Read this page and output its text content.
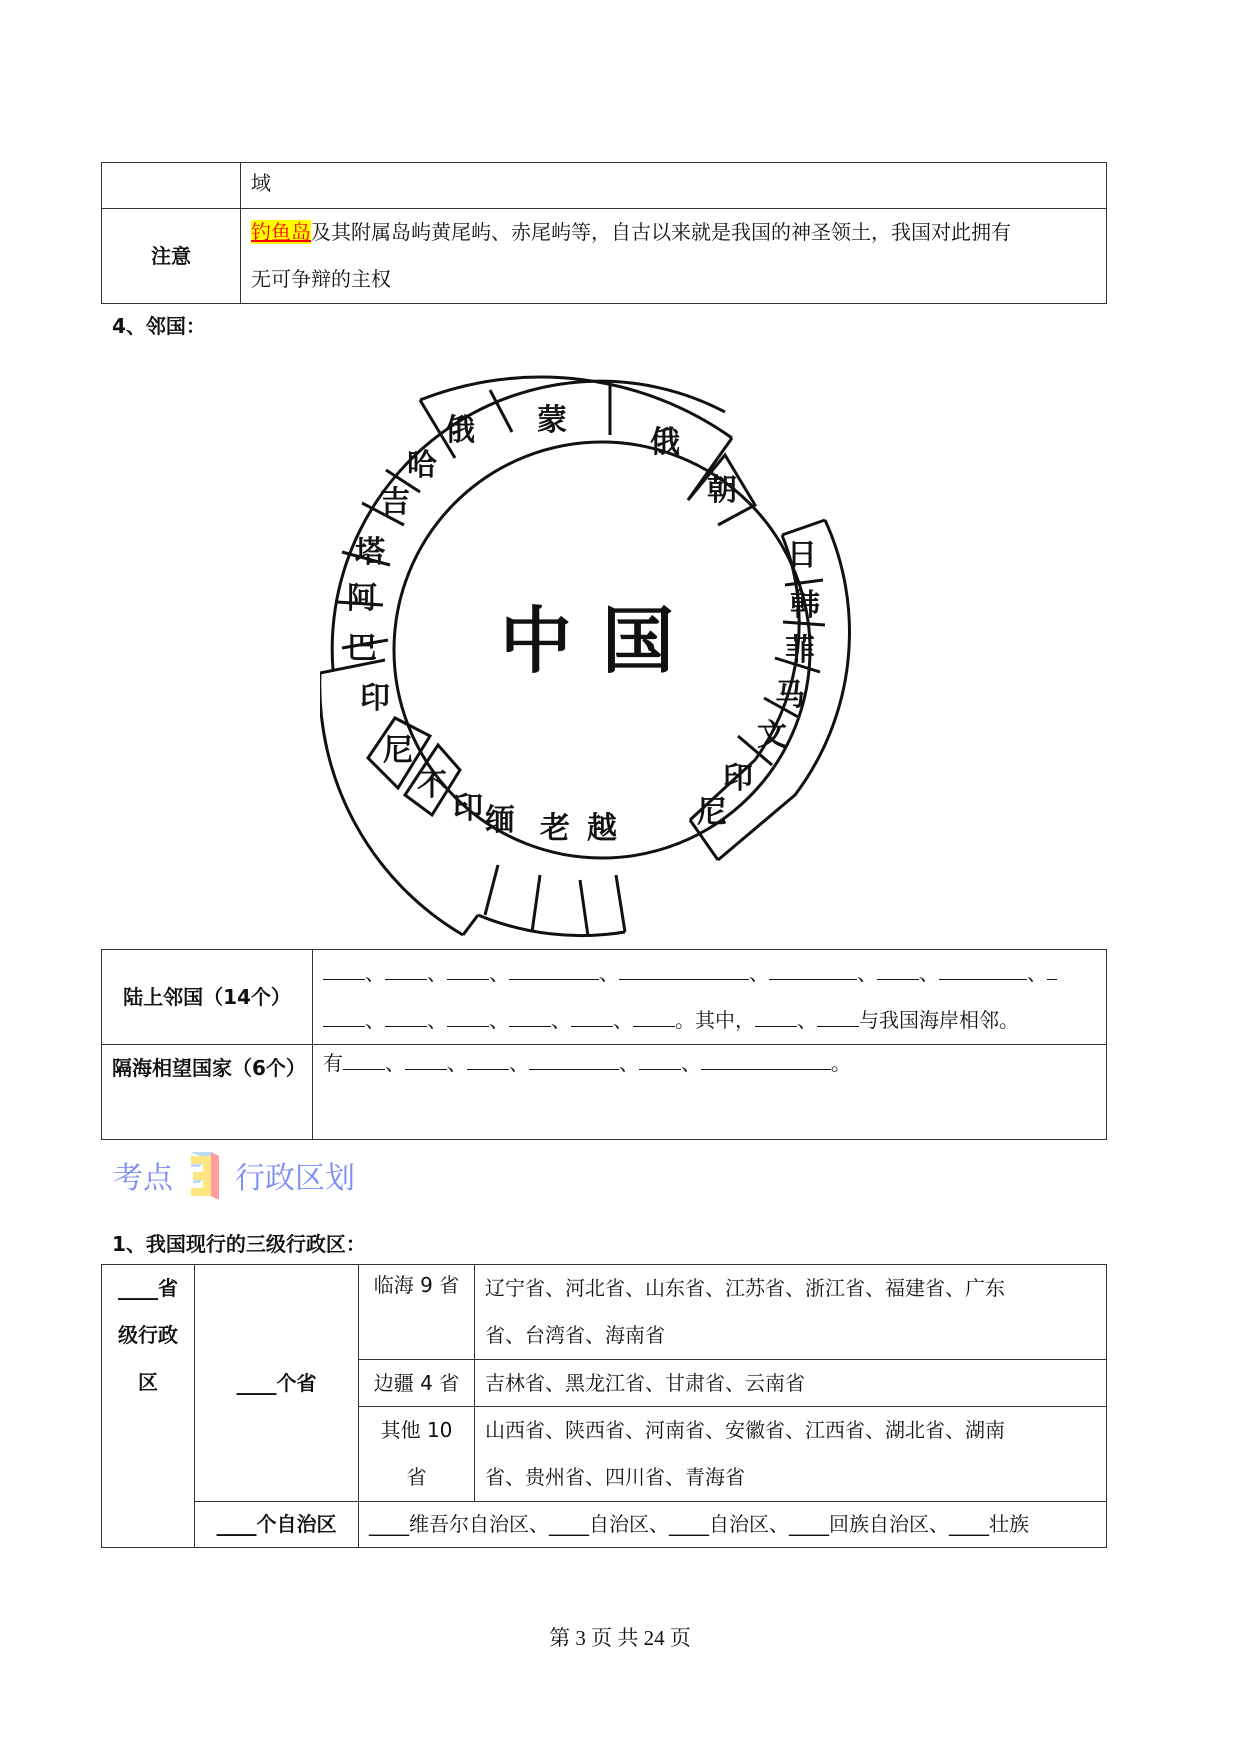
	域
注意	钓鱼岛及其附属岛屿黄尾屿、赤尾屿等，自古以来就是我国的神圣领土，我国对此拥有
无可争辩的主权
4、邻国：
中国
俄 蒙
俄
哈
吉
塔
阿
巴
印
尼
不
印 缅 老 越
朝
日
韩
菲
马
文
印
尼
陆上邻国（14个）	、 、 、 、 、 、 、 、
、 、 、 、 、 。其中， 、 与我国海岸相邻。
隔海相望国家（6个）	有 、 、 、 、 、 。
考点 行政区划
1、我国现行的三级行政区：
____省
级行政
区	____个省	临海 9 省	辽宁省、河北省、山东省、江苏省、浙江省、福建省、广东
省、台湾省、海南省
		边疆 4 省	吉林省、黑龙江省、甘肃省、云南省
		其他 10
省	山西省、陕西省、河南省、安徽省、江西省、湖北省、湖南
省、贵州省、四川省、青海省
	____个自治区	____维吾尔自治区、____自治区、____自治区、____回族自治区、____壮族	
第 3 页 共 24 页
